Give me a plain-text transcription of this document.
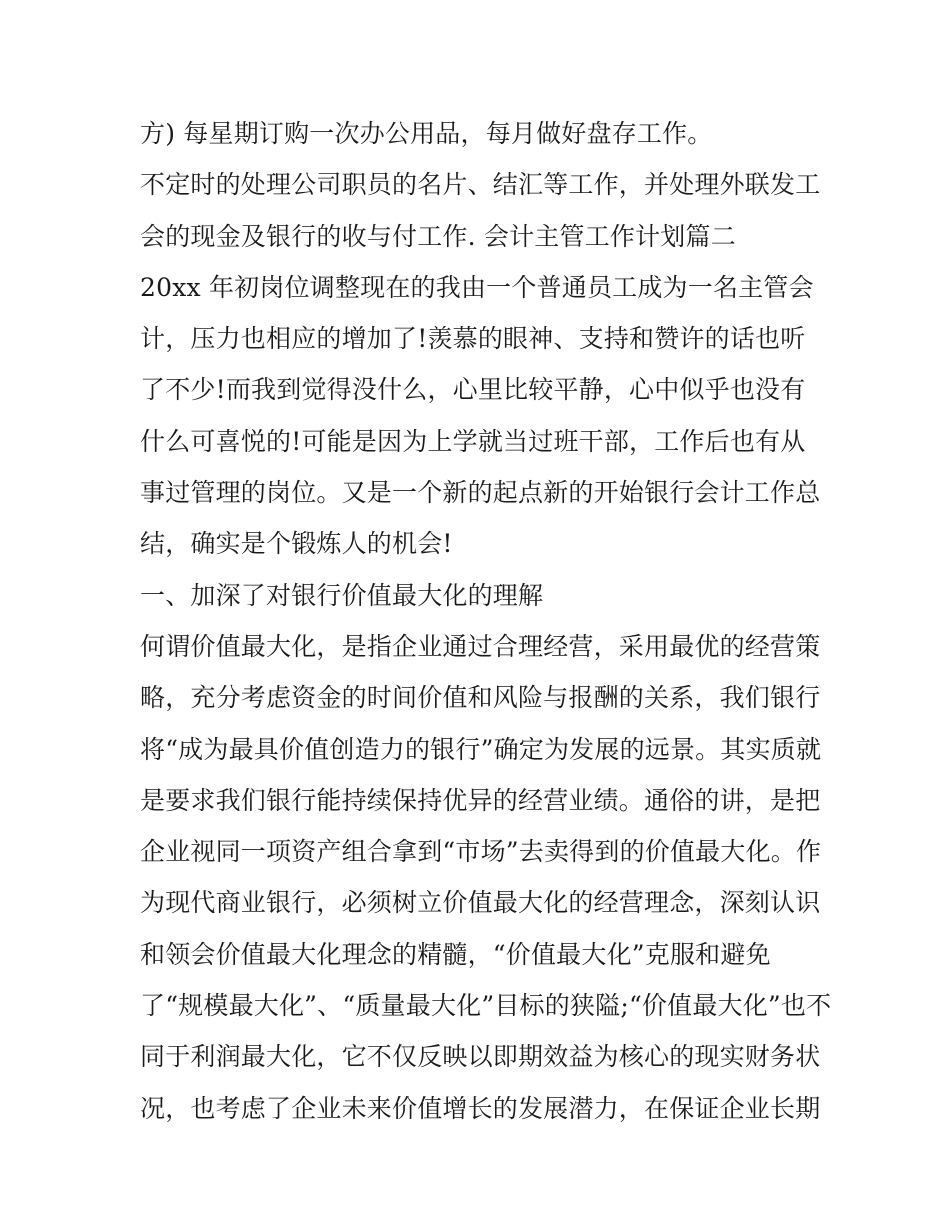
方) 每星期订购一次办公用品，每月做好盘存工作。
不定时的处理公司职员的名片、结汇等工作，并处理外联发工
会的现金及银行的收与付工作. 会计主管工作计划篇二
20xx 年初岗位调整现在的我由一个普通员工成为一名主管会
计，压力也相应的增加了!羡慕的眼神、支持和赞许的话也听
了不少!而我到觉得没什么，心里比较平静，心中似乎也没有
什么可喜悦的!可能是因为上学就当过班干部，工作后也有从
事过管理的岗位。又是一个新的起点新的开始银行会计工作总
结，确实是个锻炼人的机会!
一、加深了对银行价值最大化的理解
何谓价值最大化，是指企业通过合理经营，采用最优的经营策
略，充分考虑资金的时间价值和风险与报酬的关系，我们银行
将“成为最具价值创造力的银行”确定为发展的远景。其实质就
是要求我们银行能持续保持优异的经营业绩。通俗的讲，是把
企业视同一项资产组合拿到“市场”去卖得到的价值最大化。作
为现代商业银行，必须树立价值最大化的经营理念，深刻认识
和领会价值最大化理念的精髓，“价值最大化”克服和避免
了“规模最大化”、“质量最大化”目标的狭隘;“价值最大化”也不
同于利润最大化，它不仅反映以即期效益为核心的现实财务状
况，也考虑了企业未来价值增长的发展潜力，在保证企业长期
